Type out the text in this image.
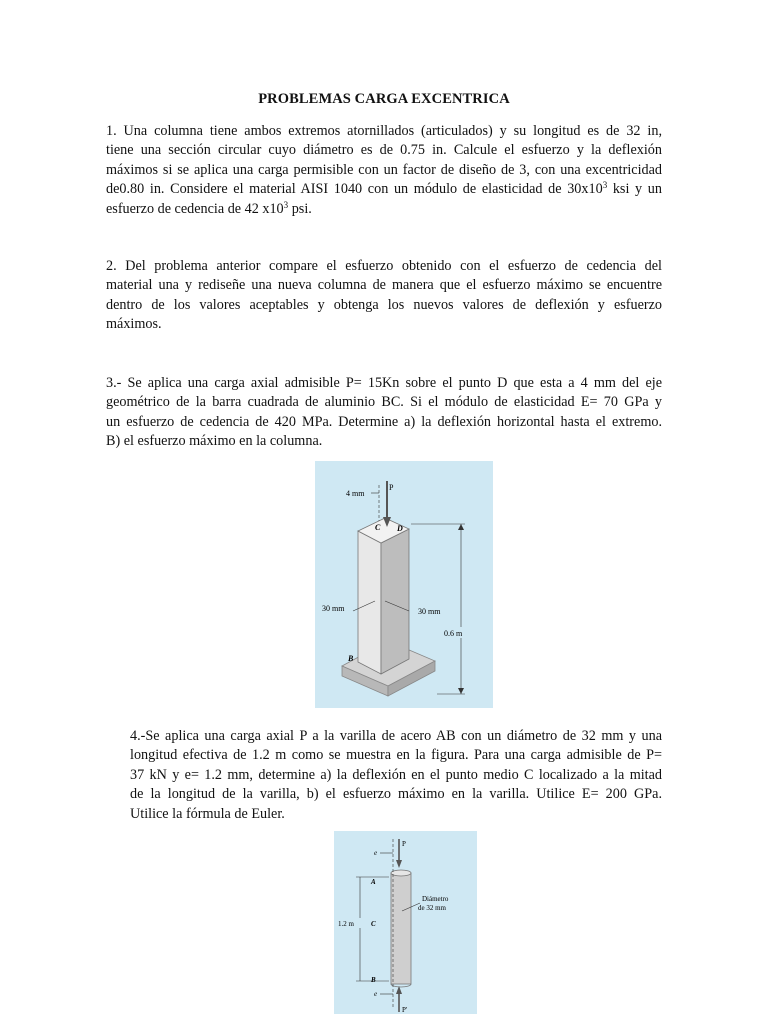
PROBLEMAS CARGA EXCENTRICA
1. Una columna tiene ambos extremos atornillados (articulados) y su longitud es de 32 in,
tiene una sección circular cuyo diámetro es de 0.75 in. Calcule el esfuerzo y la deflexión
máximos si se aplica una carga permisible con un factor de diseño de 3, con una excentricidad
de0.80 in. Considere el material AISI 1040 con un módulo de elasticidad de $30x10^3$ ksi y un
esfuerzo de cedencia de 42 $x10^3$ psi.
2. Del problema anterior compare el esfuerzo obtenido con el esfuerzo de cedencia del
material una y rediseñe una nueva columna de manera que el esfuerzo máximo se encuentre
dentro de los valores aceptables y obtenga los nuevos valores de deflexión y esfuerzo
máximos.
3.- Se aplica una carga axial admisible P= 15Kn sobre el punto D que esta a 4 mm del eje
geométrico de la barra cuadrada de aluminio BC. Si el módulo de elasticidad E= 70 GPa y
un esfuerzo de cedencia de 420 MPa. Determine a) la deflexión horizontal hasta el extremo.
B) el esfuerzo máximo en la columna.
P
4 mm
C D
30 mm	30 mm
0.6 m
B
4.-Se aplica una carga axial P a la varilla de acero AB con un diámetro de 32 mm y una
longitud efectiva de 1.2 m como se muestra en la figura. Para una carga admisible de P=
37 kN y e= 1.2 mm, determine a) la deflexión en el punto medio C localizado a la mitad
de la longitud de la varilla, b) el esfuerzo máximo en la varilla. Utilice E= 200 GPa.
Utilice la fórmula de Euler.
P
e
A
1.2 m C
B
Diámetro
de 32 mm
e
P'
